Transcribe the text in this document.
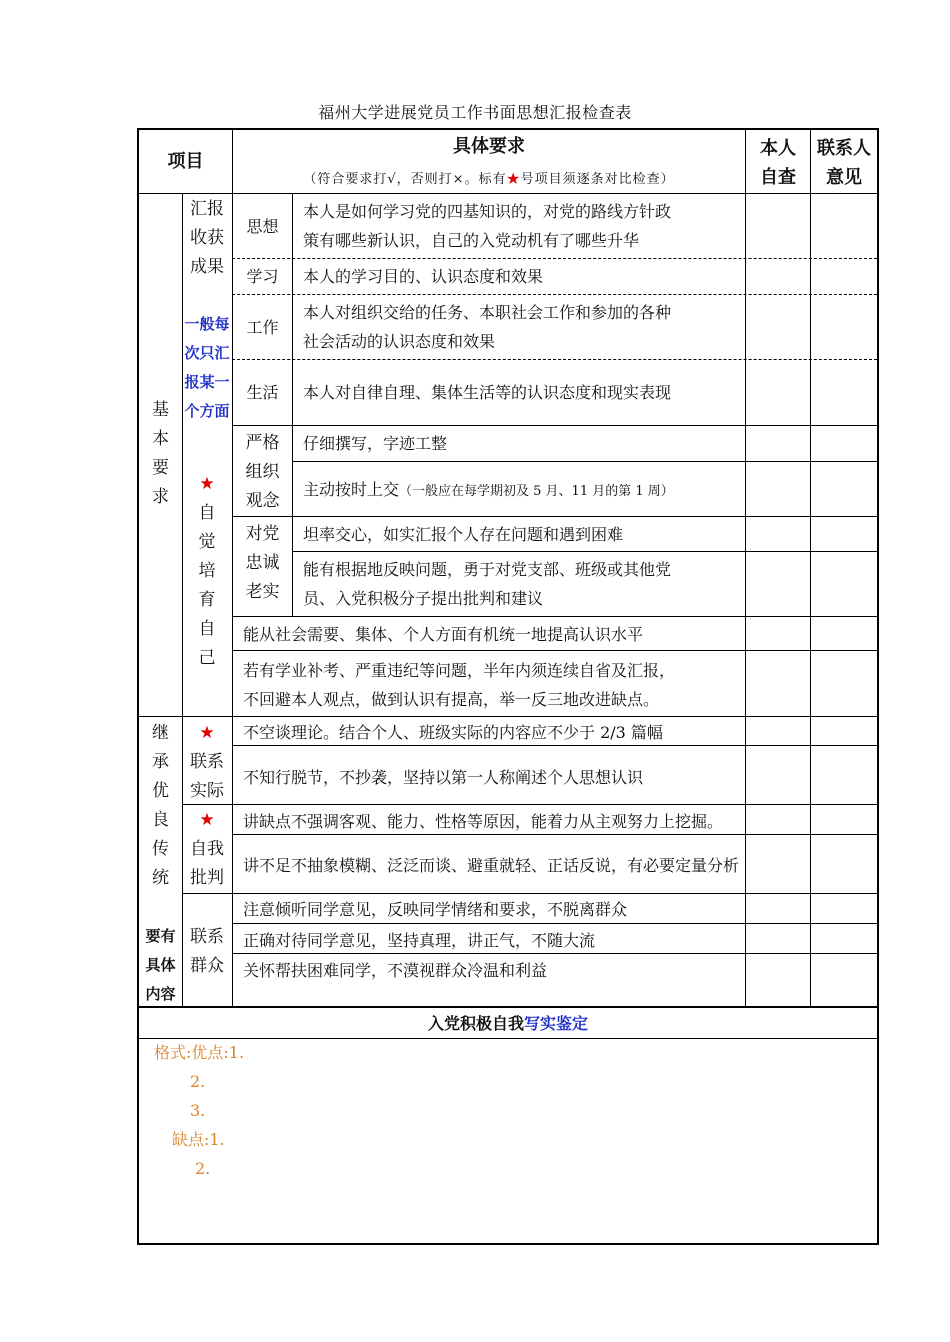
福州大学进展党员工作书面思想汇报检查表
项目
具体要求
（符合要求打√，否则打×。标有★号项目须逐条对比检查）
本人
自查
联系人
意见
基
本
要
求
汇报
收获
成果
一般每
次只汇
报某一
个方面
思想
本人是如何学习党的四基知识的，对党的路线方针政
策有哪些新认识，自己的入党动机有了哪些升华
学习	本人的学习目的、认识态度和效果
工作
本人对组织交给的任务、本职社会工作和参加的各种
社会活动的认识态度和效果
生活	本人对自律自理、集体生活等的认识态度和现实表现
★
自
觉
培
育
自
己
严格
组织
观念
仔细撰写，字迹工整
主动按时上交（一般应在每学期初及 5 月、11 月的第 1 周）
对党
忠诚
老实
坦率交心，如实汇报个人存在问题和遇到困难
能有根据地反映问题，勇于对党支部、班级或其他党
员、入党积极分子提出批判和建议
能从社会需要、集体、个人方面有机统一地提高认识水平
若有学业补考、严重违纪等问题，半年内须连续自省及汇报，
不回避本人观点，做到认识有提高，举一反三地改进缺点。
继
承
优
良
传
统
要有
具体
内容
★
联系
实际
不空谈理论。结合个人、班级实际的内容应不少于 2/3 篇幅
不知行脱节，不抄袭，坚持以第一人称阐述个人思想认识
★
自我
批判
讲缺点不强调客观、能力、性格等原因，能着力从主观努力上挖掘。
讲不足不抽象模糊、泛泛而谈、避重就轻、正话反说，有必要定量分析
联系
群众
注意倾听同学意见，反映同学情绪和要求，不脱离群众
正确对待同学意见，坚持真理，讲正气，不随大流
关怀帮扶困难同学，不漠视群众冷温和利益
入党积极自我写实鉴定
格式:优点:1.
2.
3.
缺点:1.
2.
